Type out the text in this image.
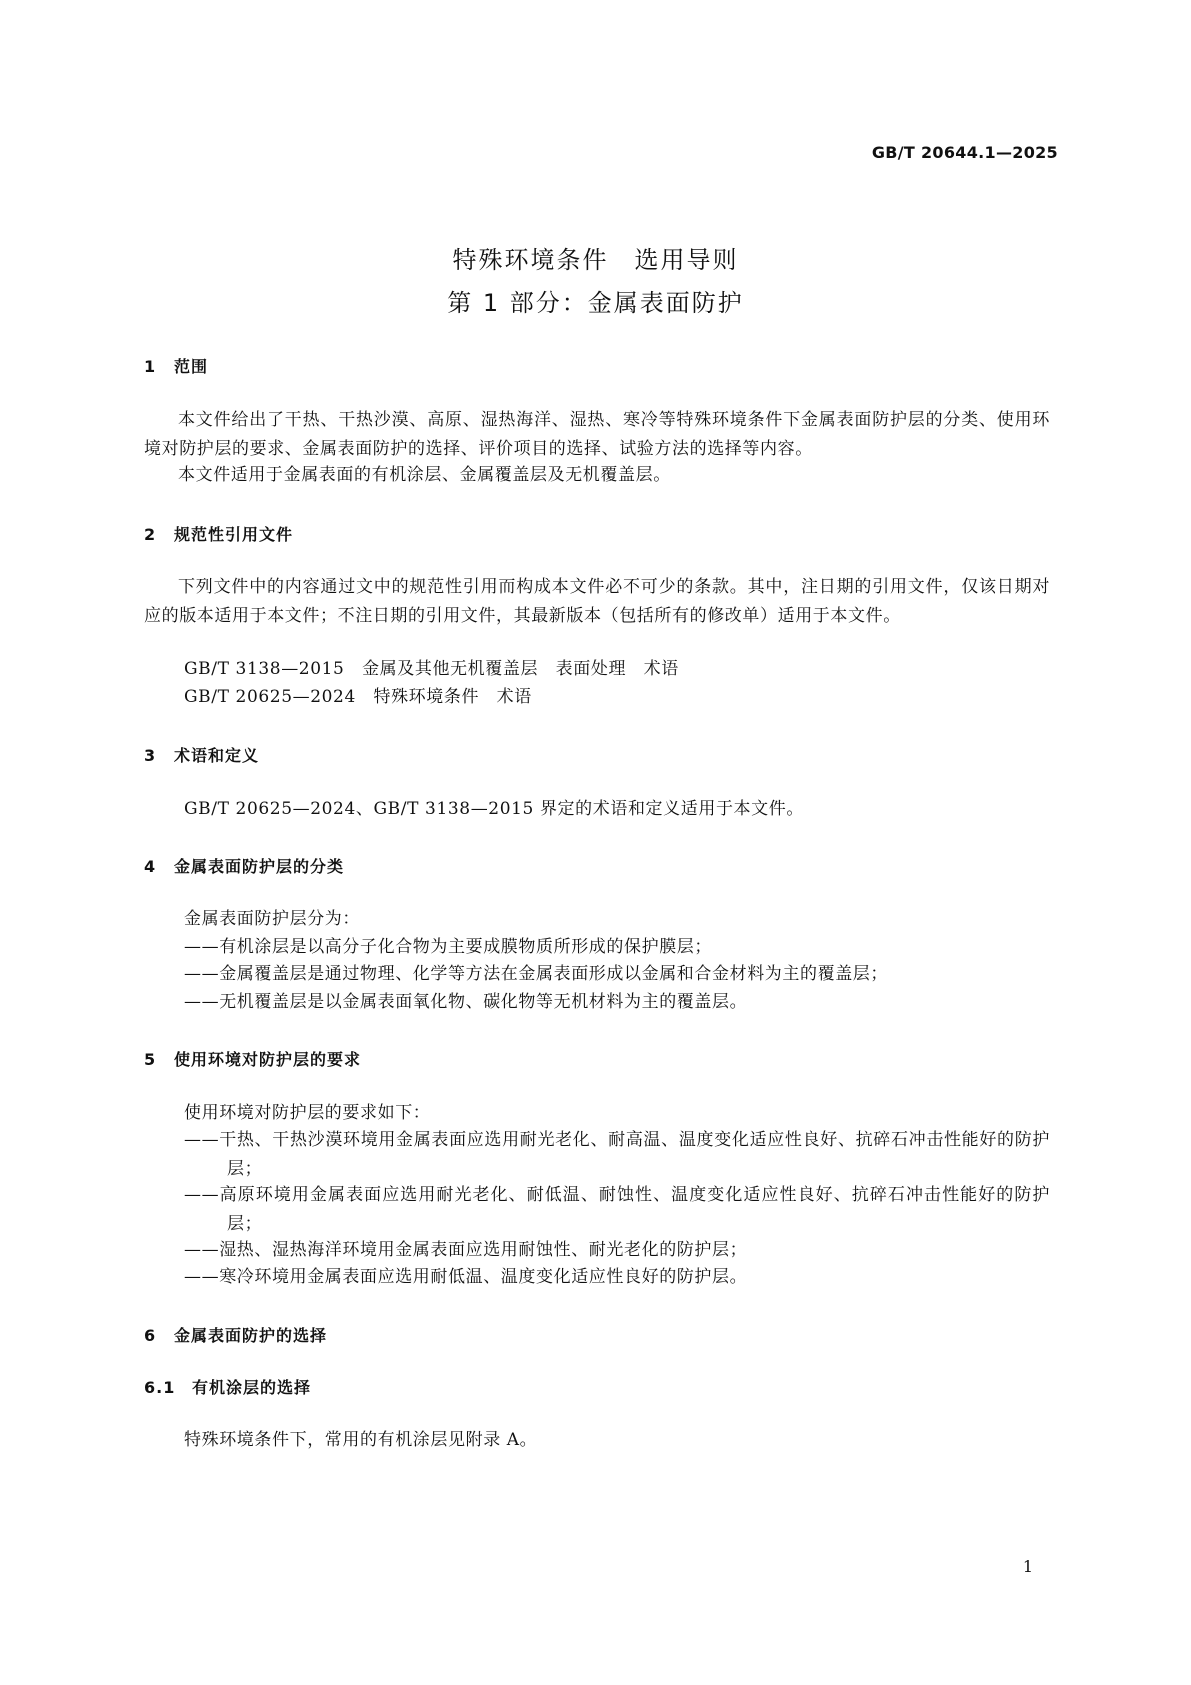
GB/T 20644.1—2025
特殊环境条件　选用导则
第 1 部分：金属表面防护
1 范围
本文件给出了干热、干热沙漠、高原、湿热海洋、湿热、寒冷等特殊环境条件下金属表面防护层的分类、使用环境对防护层的要求、金属表面防护的选择、评价项目的选择、试验方法的选择等内容。
本文件适用于金属表面的有机涂层、金属覆盖层及无机覆盖层。
2 规范性引用文件
下列文件中的内容通过文中的规范性引用而构成本文件必不可少的条款。其中，注日期的引用文件，仅该日期对应的版本适用于本文件；不注日期的引用文件，其最新版本（包括所有的修改单）适用于本文件。
GB/T 3138—2015　金属及其他无机覆盖层　表面处理　术语
GB/T 20625—2024　特殊环境条件　术语
3 术语和定义
GB/T 20625—2024、GB/T 3138—2015 界定的术语和定义适用于本文件。
4 金属表面防护层的分类
金属表面防护层分为：
——有机涂层是以高分子化合物为主要成膜物质所形成的保护膜层；
——金属覆盖层是通过物理、化学等方法在金属表面形成以金属和合金材料为主的覆盖层；
——无机覆盖层是以金属表面氧化物、碳化物等无机材料为主的覆盖层。
5 使用环境对防护层的要求
使用环境对防护层的要求如下：
——干热、干热沙漠环境用金属表面应选用耐光老化、耐高温、温度变化适应性良好、抗碎石冲击性能好的防护层；
——高原环境用金属表面应选用耐光老化、耐低温、耐蚀性、温度变化适应性良好、抗碎石冲击性能好的防护层；
——湿热、湿热海洋环境用金属表面应选用耐蚀性、耐光老化的防护层；
——寒冷环境用金属表面应选用耐低温、温度变化适应性良好的防护层。
6 金属表面防护的选择
6.1 有机涂层的选择
特殊环境条件下，常用的有机涂层见附录 A。
1
